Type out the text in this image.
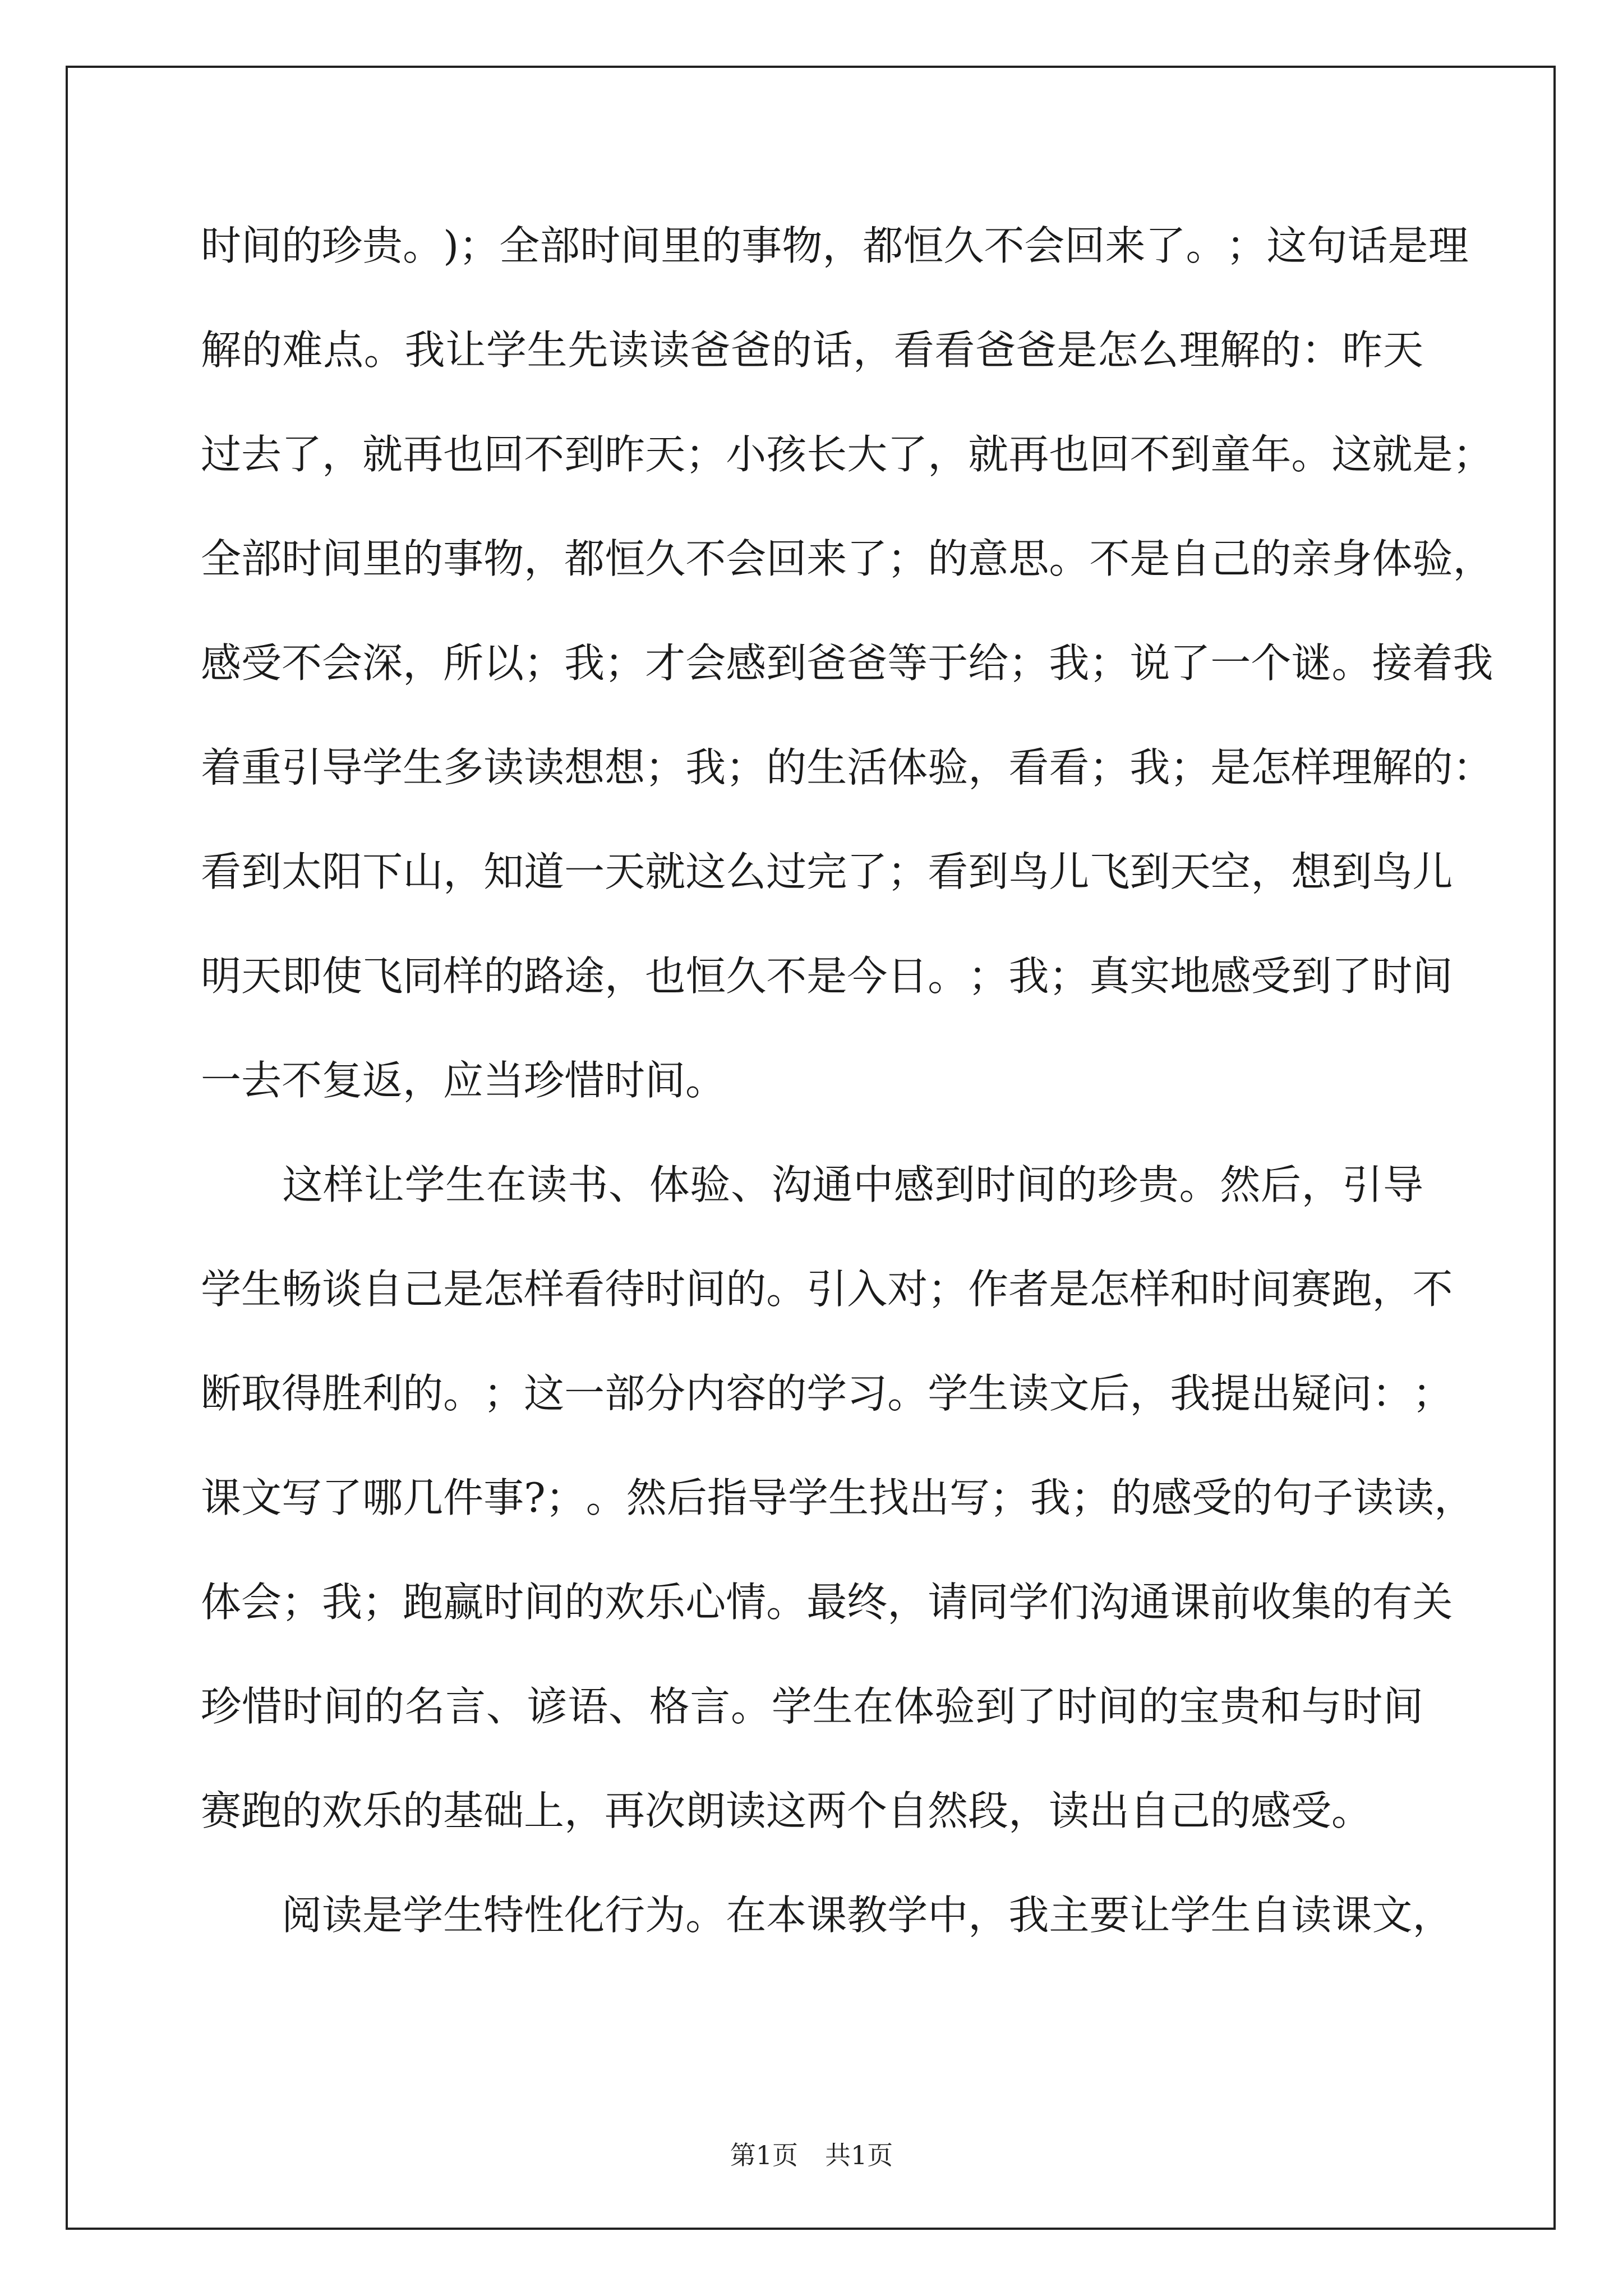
时 间 的 珍 贵 。 ) ； 全 部 时 间 里 的 事 物 ， 都 恒 久 不 会 回 来 了 。 ； 这 句 话 是 理
解 的 难 点 。 我 让 学 生 先 读 读 爸 爸 的 话 ， 看 看 爸 爸 是 怎 么 理 解 的 ： 昨 天
过 去 了 ， 就 再 也 回 不 到 昨 天 ； 小 孩 长 大 了 ， 就 再 也 回 不 到 童 年 。 这 就 是 ；
全 部 时 间 里 的 事 物 ， 都 恒 久 不 会 回 来 了 ； 的 意 思 。 不 是 自 己 的 亲 身 体 验 ，
感 受 不 会 深 ， 所 以 ； 我 ； 才 会 感 到 爸 爸 等 于 给 ； 我 ； 说 了 一 个 谜 。 接 着 我
着 重 引 导 学 生 多 读 读 想 想 ； 我 ； 的 生 活 体 验 ， 看 看 ； 我 ； 是 怎 样 理 解 的 ：
看 到 太 阳 下 山 ， 知 道 一 天 就 这 么 过 完 了 ； 看 到 鸟 儿 飞 到 天 空 ， 想 到 鸟 儿
明 天 即 使 飞 同 样 的 路 途 ， 也 恒 久 不 是 今 日 。 ； 我 ； 真 实 地 感 受 到 了 时 间
一去不复返，应当珍惜时间。

这 样 让 学 生 在 读 书 、 体 验 、 沟 通 中 感 到 时 间 的 珍 贵 。 然 后 ， 引 导
学 生 畅 谈 自 己 是 怎 样 看 待 时 间 的 。 引 入 对 ； 作 者 是 怎 样 和 时 间 赛 跑 ， 不
断 取 得 胜 利 的 。 ； 这 一 部 分 内 容 的 学 习 。 学 生 读 文 后 ， 我 提 出 疑 问 ： ；
课 文 写 了 哪 几 件 事 ? ； 。 然 后 指 导 学 生 找 出 写 ； 我 ； 的 感 受 的 句 子 读 读 ，
体 会 ； 我 ； 跑 赢 时 间 的 欢 乐 心 情 。 最 终 ， 请 同 学 们 沟 通 课 前 收 集 的 有 关
珍 惜 时 间 的 名 言 、 谚 语 、 格 言 。 学 生 在 体 验 到 了 时 间 的 宝 贵 和 与 时 间
赛跑的欢乐的基础上，再次朗读这两个自然段，读出自己的感受。

阅 读 是 学 生 特 性 化 行 为 。 在 本 课 教 学 中 ， 我 主 要 让 学 生 自 读 课 文 ，
第1页 共1页
